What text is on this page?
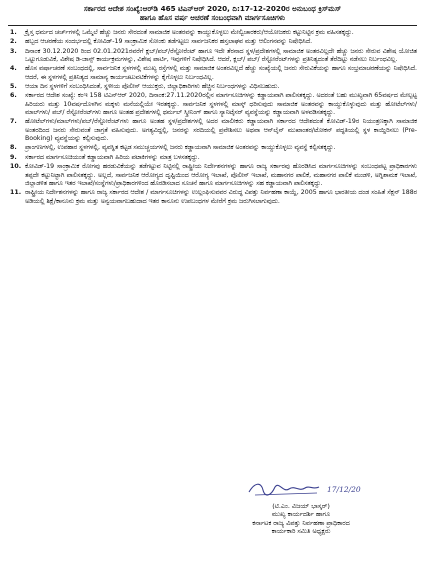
ಸರ್ಕಾರದ ಆದೇಶ ಸಂಖ್ಯೆ:ಆರ್‌ಡಿ 465 ಟಿಎನ್‌ಆರ್ 2020, ದಿ:17-12-2020ರ ಅನುಬಂಧ ಕ್ರಿಸ್‌ಮಸ್
ಹಾಗೂ ಹೊಸ ವರ್ಷ ಆಚರಣೆ ಸಂಬಂಧವಾಗಿ ಮಾರ್ಗಸೂಚಿಗಳು
1. ಕ್ರೈಸ್ತ ಧರ್ಮದ ಚರ್ಚ್‌ಗಳಲ್ಲಿ ಒಮ್ಮೆಲೆ ಹೆಚ್ಚು ಜನರು ಸೇರದಂತೆ ಸಾಮಾಜಿಕ ಅಂತರವನ್ನು ಕಾಯ್ದುಕೊಳ್ಳಲು ಮೇಲ್ವಿಚಾರಕರು/ಆಯೋಜಕರು ಕಟ್ಟುನಿಟ್ಟಿನ ಕ್ರಮ ವಹಿಸತಕ್ಕದ್ದು.
2. ಹಬ್ಬದ ಆಚರಣೆಯ ಸಂದರ್ಭದಲ್ಲಿ ಕೋವಿಡ್-19 ಸಾಂಕ್ರಾಮಿಕ ಸೋಂಕು ತಡೆಗಟ್ಟಲು ಸಾರ್ವಜನಿಕರ ಹಸ್ತಲಾಘವ ಮತ್ತು ಆಲಿಂಗನವನ್ನು ನಿಷೇಧಿಸಿದೆ.
3. ದಿನಾಂಕ 30.12.2020 ರಿಂದ 02.01.2021ರವರೆಗೆ ಕ್ಲಬ್/ಪಬ್/ರೆಸ್ಟೋರೆಂಟ್ ಹಾಗೂ ಇದೇ ತೆರನಾದ ಸ್ಥಳ/ಪ್ರದೇಶಗಳಲ್ಲಿ ಸಾಮಾಜಿಕ ಅಂತರವಿಲ್ಲದೇ ಹೆಚ್ಚು ಜನರು ಸೇರುವ ವಿಶೇಷ ಯೋಜಿತ ಒಟ್ಟುಗೂಡುವಿಕೆ, ವಿಶೇಷ ಡಿ-ಜಾಸ್ಸ್ ಕಾರ್ಯಕ್ರಮಗಳನ್ನು, ವಿಶೇಷ ಪಾರ್ಟಿ, ಇವುಗಳಿಗೆ ನಿಷೇಧಿಸಿದೆ. ಆದರೆ, ಕ್ಲಬ್/ ಪಬ್/ ರೆಸ್ಟೋರೆಂಟ್‌ಗಳನ್ನು ಪ್ರತಿನಿತ್ಯದಂತೆ ತೆರೆದಿಟ್ಟು ನಡೆಸಲು ನಿರ್ಬಂಧವಿಲ್ಲ.
4. ಹೊಸ ವರ್ಷಾಚರಣೆ ಸಂಬಂಧದಲ್ಲಿ, ಸಾರ್ವಜನಿಕ ಸ್ಥಳಗಳಲ್ಲಿ ಮುಖ್ಯ ರಸ್ತೆಗಳಲ್ಲಿ ಮತ್ತು ಸಾಮಾಜಿಕ ಅಂತರವಿಲ್ಲದೆ ಹೆಚ್ಚು ಸಂಖ್ಯೆಯಲ್ಲಿ ಜನರು ಸೇರುವಿಕೆಯನ್ನು ಹಾಗೂ ಸಂಭ್ರಮಾಚರಣೆಯನ್ನು ನಿಷೇಧಿಸಿದೆ. ಆದರೆ, ಈ ಸ್ಥಳಗಳಲ್ಲಿ ಪ್ರತಿನಿತ್ಯದ ಸಾಮಾನ್ಯ ಕಾರ್ಯಚಟುವಟಿಕೆಗಳನ್ನು ಕೈಗೊಳ್ಳಲು ನಿರ್ಬಂಧವಿಲ್ಲ.
5. ಆಯಾ ದಿನ ಸ್ಥಳಗಳಿಗೆ ಸಂಬಂಧಿಸಿದಂತೆ, ಸ್ಥಳೀಯ ಪೊಲೀಸ್ ಆಯುಕ್ತರು, ಜಿಲ್ಲಾಧಿಕಾರಿಗಳು ಹೆಚ್ಚಿನ ನಿರ್ಬಂಧಗಳನ್ನು ವಿಧಿಸಬಹುದು.
6. ಸರ್ಕಾರದ ಆದೇಶ ಸಂಖ್ಯೆ: ಕಂಇ 158 ಟಿಎನ್‌ಆರ್ 2020, ದಿನಾಂಕ:27.11.2020ರಲ್ಲಿನ ಮಾರ್ಗಸೂಚಿಗಳನ್ನು ಕಡ್ಡಾಯವಾಗಿ ಪಾಲಿಸತಕ್ಕದ್ದು. ಅದರಂತೆ ಬಹು ಮುಖ್ಯವಾಗಿ 65ವರ್ಷದ ಮೇಲ್ಪಟ್ಟ ಹಿರಿಯರು ಮತ್ತು 10ವರ್ಷದೊಳಗಿನ ಮಕ್ಕಳು ಮನೆಯಲ್ಲಿಯೇ ಇರತಕ್ಕದ್ದು. ಸಾರ್ವಜನಿಕ ಸ್ಥಳಗಳಲ್ಲಿ ಮಾಸ್ಕ್ ಧರಿಸುವುದು ಸಾಮಾಜಿಕ ಅಂತರವನ್ನು ಕಾಯ್ದುಕೊಳ್ಳುವುದು ಮತ್ತು ಹೋಟೆಲ್‌ಗಳು/ಮಾಲ್‌ಗಳು/ ಪಬ್/ ರೆಸ್ಟೋರೆಂಟ್‌ಗಳು ಹಾಗೂ ಅಂತಹ ಪ್ರದೇಶಗಳಲ್ಲಿ ಥರ್ಮಲ್ ಸ್ಕ್ರೀನಿಂಗ್ ಹಾಗೂ ಸ್ಯಾನಿಟೈಸರ್ ವ್ಯವಸ್ಥೆಯನ್ನು ಕಡ್ಡಾಯವಾಗಿ ಅಳವಡಿಸತಕ್ಕದ್ದು.
7. ಹೋಟೆಲ್‌ಗಳು/ಮಾಲ್‌ಗಳು/ಪಬ್/ರೆಸ್ಟೋರೆಂಟ್‌ಗಳು ಹಾಗೂ ಅಂತಹ ಸ್ಥಳ/ಪ್ರದೇಶಗಳಲ್ಲಿ ಅದರ ಮಾಲೀಕರು ಕಡ್ಡಾಯವಾಗಿ ಸರ್ಕಾರದ ಆದೇಶದಂತೆ ಕೋವಿಡ್-19ರ ನಿಯಂತ್ರಣಕ್ಕಾಗಿ ಸಾಮಾಜಿಕ ಅಂತರದಿಂದ ಜನರು ಸೇರುವಂತೆ ಜಾಗ್ರತೆ ವಹಿಸುವುದು. ಅಗತ್ಯವಿದ್ದಲ್ಲಿ, ಜನರನ್ನು ಸರದಿಯಲ್ಲಿ ಪ್ರವೇಶಿಸಲು ಅಥವಾ ಆನ್‌ಲೈನ್ ಮುಖಾಂತರ/ಟೋಕನ್ ಪದ್ಧತಿಯಲ್ಲಿ ಸ್ಥಳ ಕಾಯ್ದಿರಿಸಲು (Pre-Booking) ವ್ಯವಸ್ಥೆಯನ್ನು ಕಲ್ಪಿಸುವುದು.
8. ಪ್ರಾಂಗಣಗಳಲ್ಲಿ, ಉಪಹಾರ ಸ್ಥಳಗಳಲ್ಲಿ, ವ್ಯವಸ್ಥಿತ ಕಟ್ಟಡ ಸಮುಚ್ಚಯಗಳಲ್ಲಿ ಜನರು ಕಡ್ಡಾಯವಾಗಿ ಸಾಮಾಜಿಕ ಅಂತರವನ್ನು ಕಾಯ್ದುಕೊಳ್ಳಲು ವ್ಯವಸ್ಥೆ ಕಲ್ಪಿಸತಕ್ಕದ್ದು.
9. ಸರ್ಕಾರದ ಮಾರ್ಗಸೂಚಿಯಂತೆ ಕಡ್ಡಾಯವಾಗಿ ಹಿರಿಯ ಪಟಾಕಿಗಳನ್ನು ಮಾತ್ರ ಬಳಸತಕ್ಕದ್ದು.
10. ಕೋವಿಡ್-19 ಸಾಂಕ್ರಾಮಿಕ ರೋಗವು ಹರಡುವಿಕೆಯನ್ನು ತಡೆಗಟ್ಟುವ ನಿಟ್ಟಿನಲ್ಲಿ ರಾಷ್ಟ್ರೀಯ ನಿರ್ದೇಶನಗಳನ್ನು ಹಾಗೂ ರಾಜ್ಯ ಸರ್ಕಾರವು ಹೊರಡಿಸಿದ ಮಾರ್ಗಸೂಚಿಗಳನ್ನು ಸಂಬಂಧಪಟ್ಟ ಪ್ರಾಧಿಕಾರಗಳು ತಪ್ಪದೇ ಕಟ್ಟುನಿಟ್ಟಾಗಿ ಪಾಲಿಸತಕ್ಕದ್ದು. ಅಲ್ಲದೆ, ಸಾರ್ವಜನಿಕ ಆರೋಗ್ಯದ ದೃಷ್ಟಿಯಿಂದ ಆರೋಗ್ಯ ಇಲಾಖೆ, ಪೊಲೀಸ್ ಇಲಾಖೆ, ಮಹಾನಗರ ಪಾಲಿಕೆ, ಮಹಾನಗರ ಪಾಲಿಕೆ ಮಂಡಳಿ, ಅಗ್ನಿಶಾಮಕ ಇಲಾಖೆ, ಜಿಲ್ಲಾಡಳಿತ ಹಾಗೂ ಇತರ ಇಲಾಖೆ/ಸಂಸ್ಥೆಗಳು/ಪ್ರಾಧಿಕಾರಗಳಿಂದ ಹೊರಡಿಸಲಾದ ಸೂಚನೆ ಹಾಗೂ ಮಾರ್ಗಸೂಚಿಗಳನ್ನು ಸಹ ಕಡ್ಡಾಯವಾಗಿ ಪಾಲಿಸತಕ್ಕದ್ದು.
11. ರಾಷ್ಟ್ರೀಯ ನಿರ್ದೇಶನಗಳನ್ನು ಹಾಗೂ ರಾಜ್ಯ ಸರ್ಕಾರದ ಆದೇಶ / ಮಾರ್ಗಸೂಚಿಗಳನ್ನು ಉಲ್ಲಂಘಿಸುವವರ ವಿರುದ್ಧ ವಿಪತ್ತು ನಿರ್ವಹಣಾ ಕಾಯ್ದೆ, 2005 ಹಾಗೂ ಭಾರತೀಯ ದಂಡ ಸಂಹಿತೆ ಸೆಕ್ಷನ್ 188ರ ಅಡಿಯಲ್ಲಿ ಶಿಕ್ಷೆ/ಕಾನೂನು ಕ್ರಮ ಮತ್ತು ಅನ್ವಯವಾಗಬಹುದಾದ ಇತರ ಕಾನೂನು ಉಪಬಂಧಗಳ ಮೇರೆಗೆ ಕ್ರಮ ಜರುಗಿಸಲಾಗುವುದು.
17/12/20
(ಟಿ.ಎಂ. ವಿಜಯ್ ಭಾಸ್ಕರ್)
ಮುಖ್ಯ ಕಾರ್ಯದರ್ಶಿ ಹಾಗೂ
ಕರ್ನಾಟಕ ರಾಜ್ಯ ವಿಪತ್ತು ನಿರ್ವಹಣಾ ಪ್ರಾಧಿಕಾರದ
ಕಾರ್ಯಕಾರಿ ಸಮಿತಿ ಅಧ್ಯಕ್ಷರು
